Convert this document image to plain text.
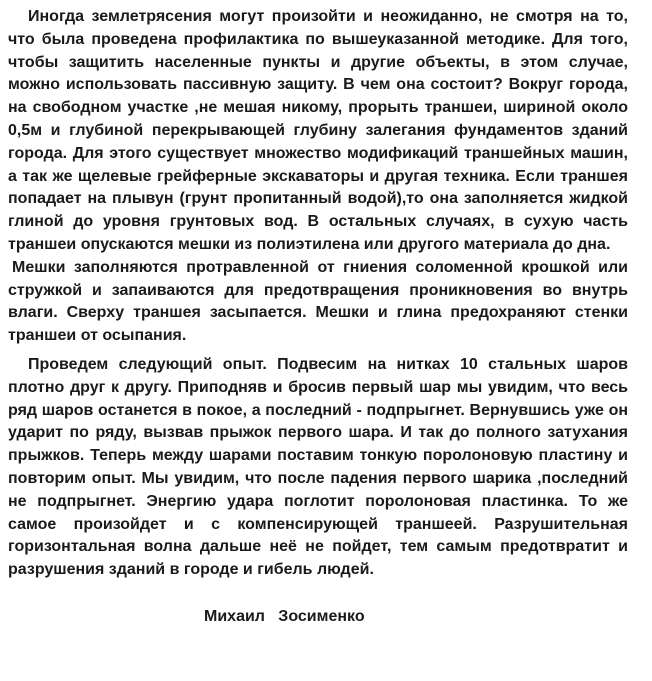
Иногда землетрясения могут произойти и неожиданно, не смотря на то, что была проведена профилактика по вышеуказанной методике. Для того, чтобы защитить населенные пункты и другие объекты, в этом случае, можно использовать пассивную защиту. В чем она состоит? Вокруг города, на свободном участке ,не мешая никому, прорыть траншеи, шириной около 0,5м и глубиной перекрывающей глубину залегания фундаментов зданий города. Для этого существует множество модификаций траншейных машин, а так же щелевые грейферные экскаваторы и другая техника. Если траншея попадает на плывун (грунт пропитанный водой),то она заполняется жидкой глиной до уровня грунтовых вод. В остальных случаях, в сухую часть траншеи опускаются мешки из полиэтилена или другого материала до дна.

Мешки заполняются протравленной от гниения соломенной крошкой или стружкой и запаиваются для предотвращения проникновения во внутрь влаги. Сверху траншея засыпается. Мешки и глина предохраняют стенки траншеи от осыпания.

Проведем следующий опыт. Подвесим на нитках 10 стальных шаров плотно друг к другу. Приподняв и бросив первый шар мы увидим, что весь ряд шаров останется в покое, а последний - подпрыгнет. Вернувшись уже он ударит по ряду, вызвав прыжок первого шара. И так до полного затухания прыжков. Теперь между шарами поставим тонкую поролоновую пластину и повторим опыт. Мы увидим, что после падения первого шарика ,последний не подпрыгнет. Энергию удара поглотит поролоновая пластинка. То же самое произойдет и с компенсирующей траншеей. Разрушительная горизонтальная волна дальше неё не пойдет, тем самым предотвратит и разрушения зданий в городе и гибель людей.

Михаил   Зосименко
